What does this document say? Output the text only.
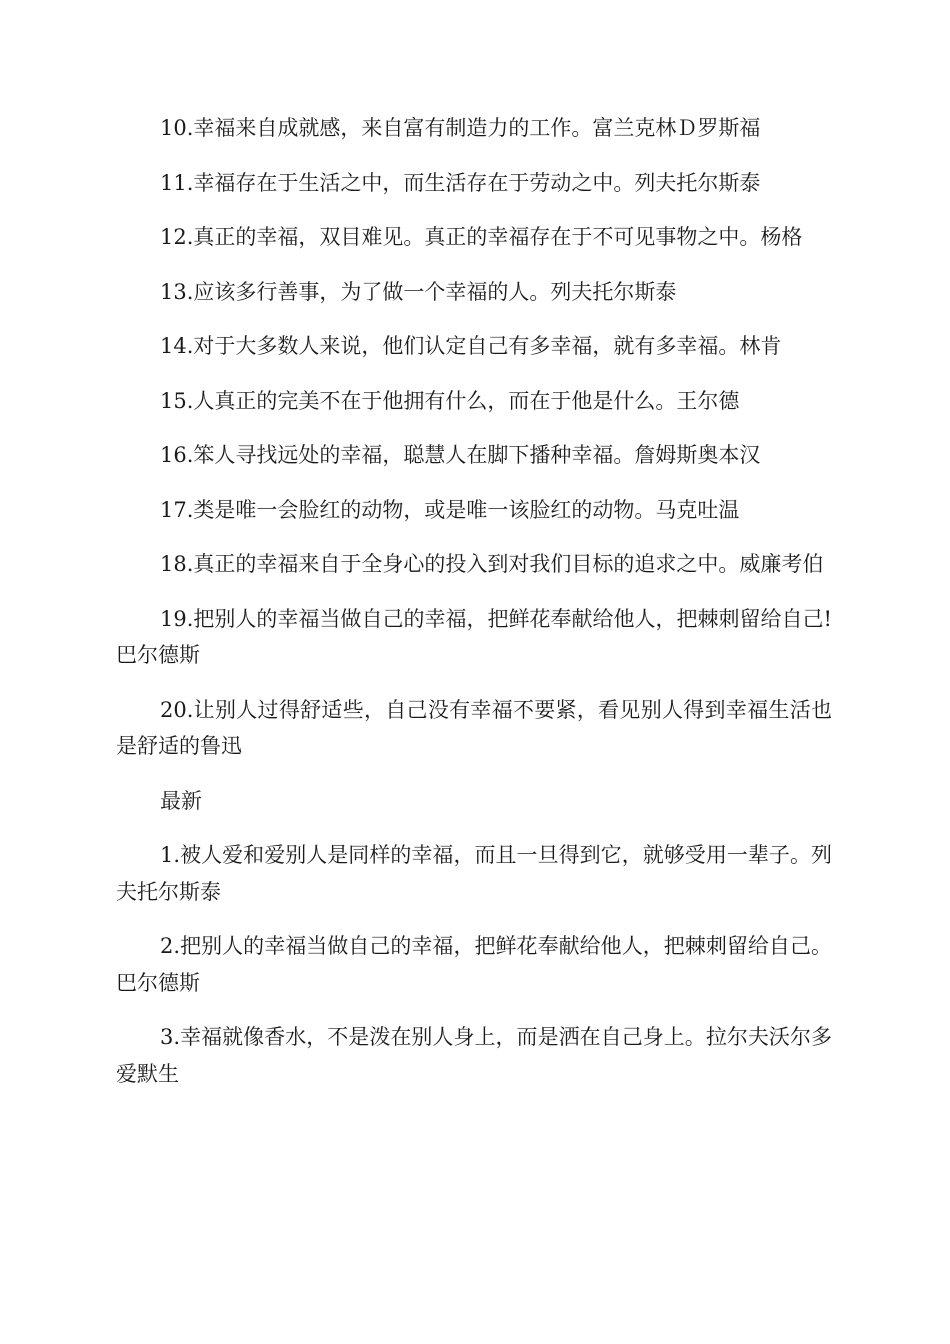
10.幸福来自成就感，来自富有制造力的工作。富兰克林Ｄ罗斯福

11.幸福存在于生活之中，而生活存在于劳动之中。列夫托尔斯泰

12.真正的幸福，双目难见。真正的幸福存在于不可见事物之中。杨格

13.应该多行善事，为了做一个幸福的人。列夫托尔斯泰

14.对于大多数人来说，他们认定自己有多幸福，就有多幸福。林肯

15.人真正的完美不在于他拥有什么，而在于他是什么。王尔德

16.笨人寻找远处的幸福，聪慧人在脚下播种幸福。詹姆斯奥本汉

17.类是唯一会脸红的动物，或是唯一该脸红的动物。马克吐温

18.真正的幸福来自于全身心的投入到对我们目标的追求之中。威廉考伯

19.把别人的幸福当做自己的幸福，把鲜花奉献给他人，把棘刺留给自己!巴尔德斯

20.让别人过得舒适些，自己没有幸福不要紧，看见别人得到幸福生活也是舒适的鲁迅

最新

1.被人爱和爱别人是同样的幸福，而且一旦得到它，就够受用一辈子。列夫托尔斯泰

2.把别人的幸福当做自己的幸福，把鲜花奉献给他人，把棘刺留给自己。巴尔德斯

3.幸福就像香水，不是泼在别人身上，而是洒在自己身上。拉尔夫沃尔多爱默生
